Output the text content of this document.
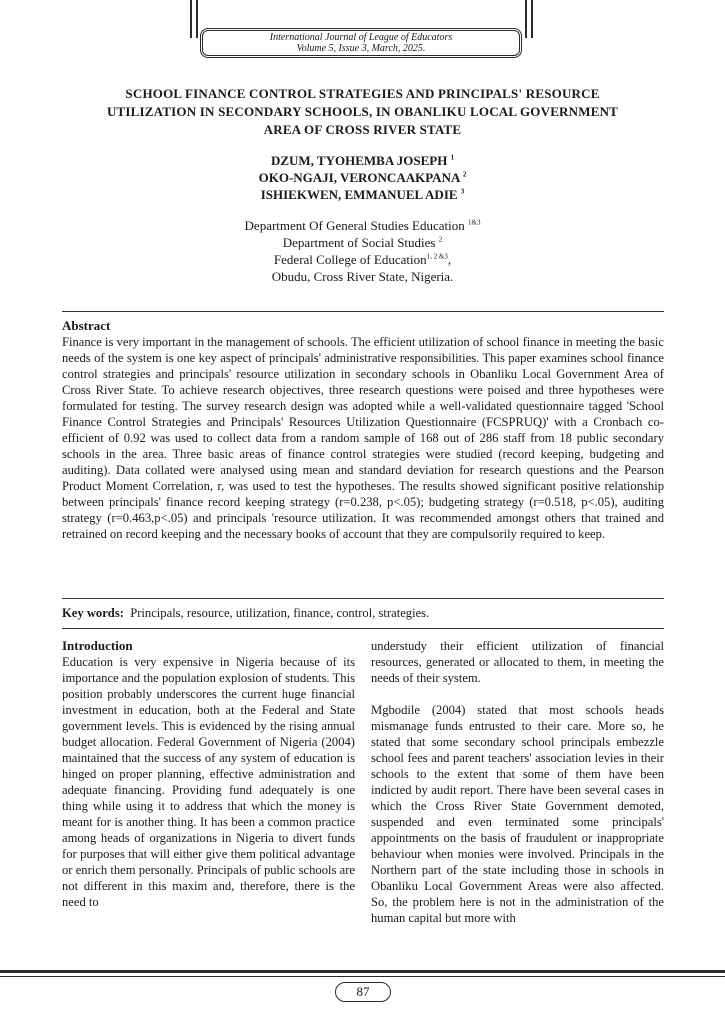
International Journal of League of Educators
Volume 5, Issue 3, March, 2025.
SCHOOL FINANCE CONTROL STRATEGIES AND PRINCIPALS' RESOURCE
UTILIZATION IN SECONDARY SCHOOLS, IN OBANLIKU LOCAL GOVERNMENT
AREA OF CROSS RIVER STATE
DZUM, TYOHEMBA JOSEPH $^1$
OKO-NGAJI, VERONCAAKPANA $^2$
ISHIEKWEN, EMMANUEL ADIE $^3$
Department Of General Studies Education $^{1\&3}$
Department of Social Studies $^2$
Federal College of Education$^{1, 2 \&3}$,
Obudu, Cross River State, Nigeria.
Abstract

Finance is very important in the management of schools. The efficient utilization of school finance in meeting the basic needs of the system is one key aspect of principals' administrative responsibilities. This paper examines school finance control strategies and principals' resource utilization in secondary schools in Obanliku Local Government Area of Cross River State. To achieve research objectives, three research questions were poised and three hypotheses were formulated for testing. The survey research design was adopted while a well-validated questionnaire tagged 'School Finance Control Strategies and Principals' Resources Utilization Questionnaire (FCSPRUQ)' with a Cronbach co-efficient of 0.92 was used to collect data from a random sample of 168 out of 286 staff from 18 public secondary schools in the area. Three basic areas of finance control strategies were studied (record keeping, budgeting and auditing). Data collated were analysed using mean and standard deviation for research questions and the Pearson Product Moment Correlation, r, was used to test the hypotheses. The results showed significant positive relationship between principals' finance record keeping strategy (r=0.238, p<.05); budgeting strategy (r=0.518, p<.05), auditing strategy (r=0.463,p<.05) and principals 'resource utilization. It was recommended amongst others that trained and retrained on record keeping and the necessary books of account that they are compulsorily required to keep.

Key words: Principals, resource, utilization, finance, control, strategies.
Introduction

Education is very expensive in Nigeria because of its importance and the population explosion of students. This position probably underscores the current huge financial investment in education, both at the Federal and State government levels. This is evidenced by the rising annual budget allocation. Federal Government of Nigeria (2004) maintained that the success of any system of education is hinged on proper planning, effective administration and adequate financing. Providing fund adequately is one thing while using it to address that which the money is meant for is another thing. It has been a common practice among heads of organizations in Nigeria to divert funds for purposes that will either give them political advantage or enrich them personally. Principals of public schools are not different in this maxim and, therefore, there is the need to

understudy their efficient utilization of financial resources, generated or allocated to them, in meeting the needs of their system.

Mgbodile (2004) stated that most schools heads mismanage funds entrusted to their care. More so, he stated that some secondary school principals embezzle school fees and parent teachers' association levies in their schools to the extent that some of them have been indicted by audit report. There have been several cases in which the Cross River State Government demoted, suspended and even terminated some principals' appointments on the basis of fraudulent or inappropriate behaviour when monies were involved. Principals in the Northern part of the state including those in schools in Obanliku Local Government Areas were also affected. So, the problem here is not in the administration of the human capital but more with

87
